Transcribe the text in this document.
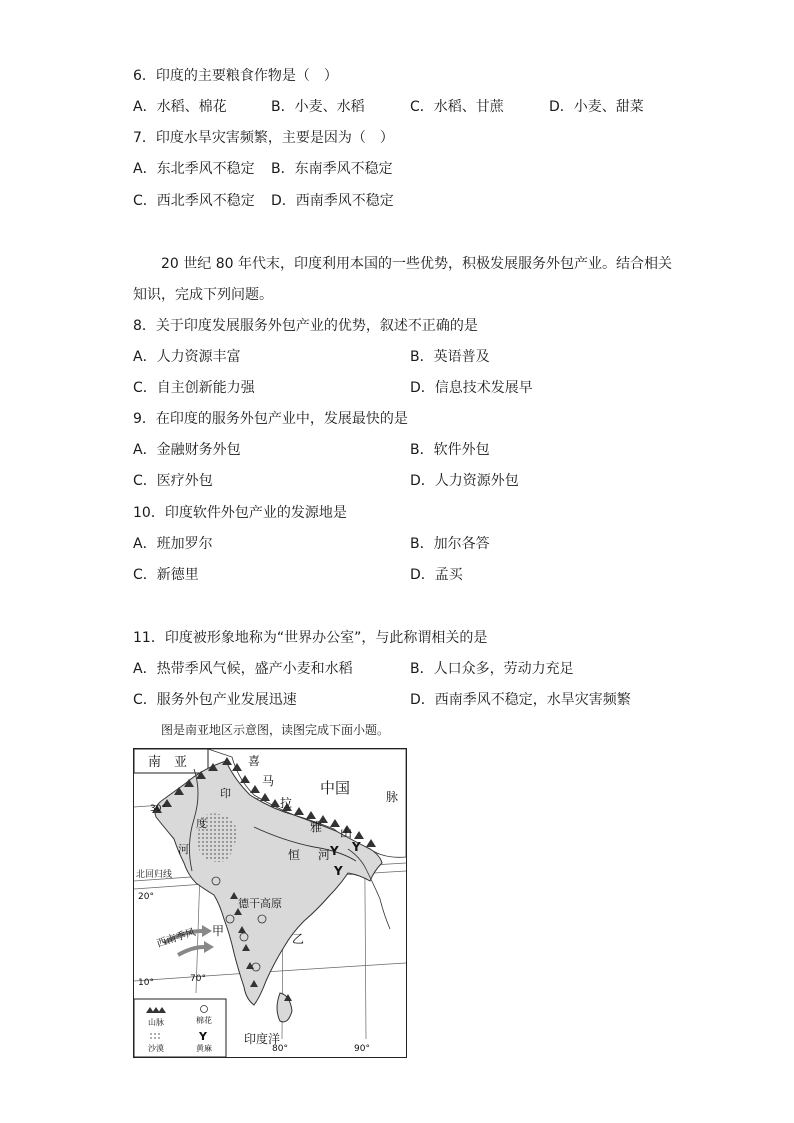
6．印度的主要粮食作物是（　）
A．水稻、棉花	B．小麦、水稻	C．水稻、甘蔗	D．小麦、甜菜
7．印度水旱灾害频繁，主要是因为（　）
A．东北季风不稳定 B．东南季风不稳定
C．西北季风不稳定 D．西南季风不稳定
20 世纪 80 年代末，印度利用本国的一些优势，积极发展服务外包产业。结合相关
知识，完成下列问题。
8．关于印度发展服务外包产业的优势，叙述不正确的是
A．人力资源丰富	B．英语普及
C．自主创新能力强	D．信息技术发展早
9．在印度的服务外包产业中，发展最快的是
A．金融财务外包	B．软件外包
C．医疗外包	D．人力资源外包
10．印度软件外包产业的发源地是
A．班加罗尔	B．加尔各答
C．新德里	D．孟买
11．印度被形象地称为“世界办公室”，与此称谓相关的是
A．热带季风气候，盛产小麦和水稻	B．人口众多，劳动力充足
C．服务外包产业发展迅速	D．西南季风不稳定，水旱灾害频繁
图是南亚地区示意图，读图完成下面小题。
南　亚
Y Y
Y
中国
喜
马
拉
雅 山
脉
印
度
河	恒 河
德干高原
北回归线
30°
20°
10°	70°
80°	90°
西南季风 甲
乙
印度洋
山脉	棉花
沙漠
Y
黄麻
